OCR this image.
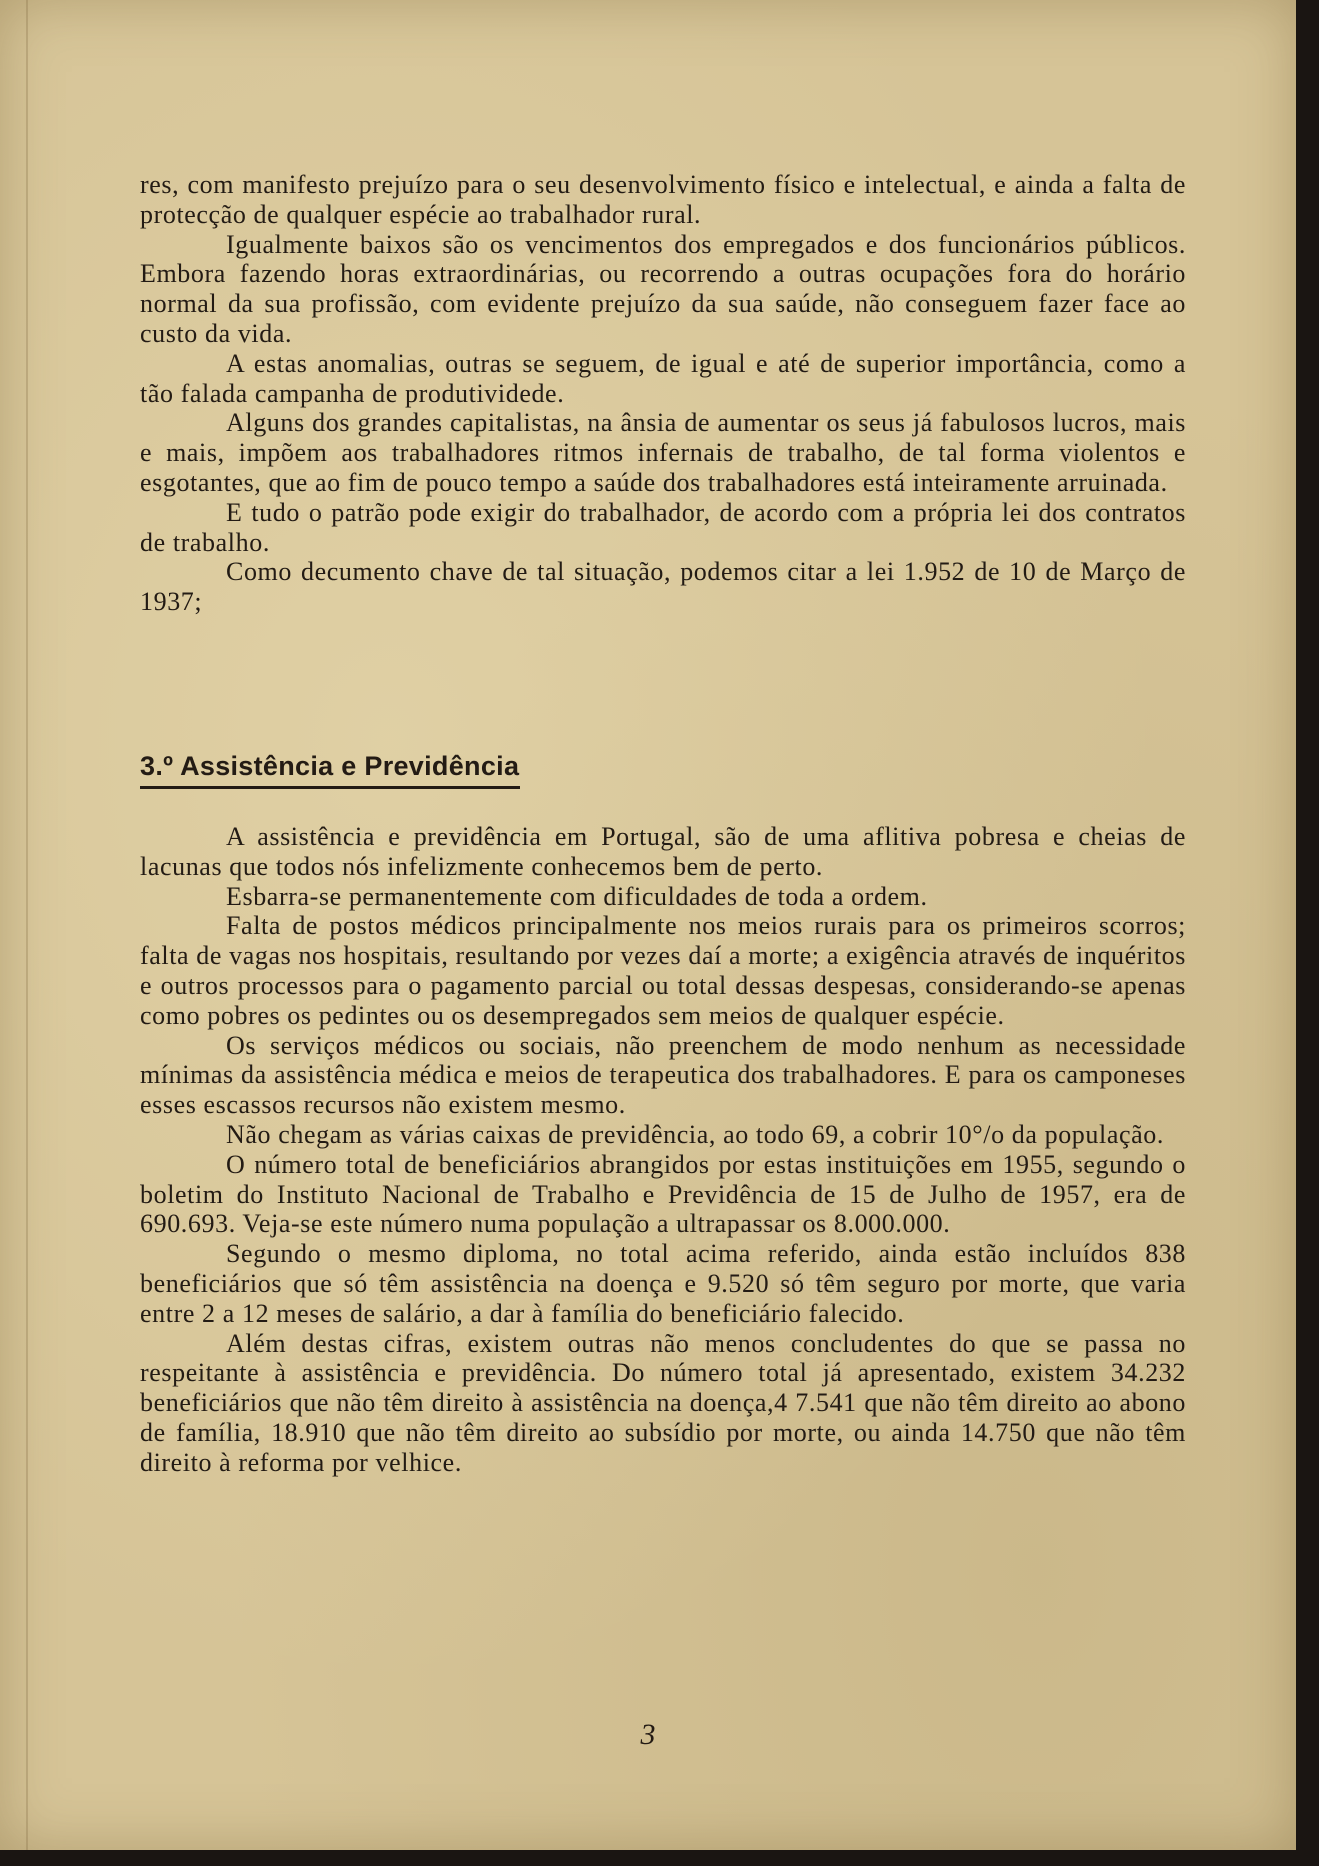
res, com manifesto prejuízo para o seu desenvolvimento físico e intelectual, e ainda a falta de protecção de qualquer espécie ao trabalhador rural.

Igualmente baixos são os vencimentos dos empregados e dos funcionários públicos. Embora fazendo horas extraordinárias, ou recorrendo a outras ocupações fora do horário normal da sua profissão, com evidente prejuízo da sua saúde, não conseguem fazer face ao custo da vida.

A estas anomalias, outras se seguem, de igual e até de superior importância, como a tão falada campanha de produtividede.

Alguns dos grandes capitalistas, na ânsia de aumentar os seus já fabulosos lucros, mais e mais, impõem aos trabalhadores ritmos infernais de trabalho, de tal forma violentos e esgotantes, que ao fim de pouco tempo a saúde dos trabalhadores está inteiramente arruinada.

E tudo o patrão pode exigir do trabalhador, de acordo com a própria lei dos contratos de trabalho.

Como decumento chave de tal situação, podemos citar a lei 1.952 de 10 de Março de 1937;

3.º Assistência e Previdência

A assistência e previdência em Portugal, são de uma aflitiva pobresa e cheias de lacunas que todos nós infelizmente conhecemos bem de perto.

Esbarra-se permanentemente com dificuldades de toda a ordem.

Falta de postos médicos principalmente nos meios rurais para os primeiros scorros; falta de vagas nos hospitais, resultando por vezes daí a morte; a exigência através de inquéritos e outros processos para o pagamento parcial ou total dessas despesas, considerando-se apenas como pobres os pedintes ou os desempregados sem meios de qualquer espécie.

Os serviços médicos ou sociais, não preenchem de modo nenhum as necessidade mínimas da assistência médica e meios de terapeutica dos trabalhadores. E para os camponeses esses escassos recursos não existem mesmo.

Não chegam as várias caixas de previdência, ao todo 69, a cobrir 10°/o da população.

O número total de beneficiários abrangidos por estas instituições em 1955, segundo o boletim do Instituto Nacional de Trabalho e Previdência de 15 de Julho de 1957, era de 690.693. Veja-se este número numa população a ultrapassar os 8.000.000.

Segundo o mesmo diploma, no total acima referido, ainda estão incluídos 838 beneficiários que só têm assistência na doença e 9.520 só têm seguro por morte, que varia entre 2 a 12 meses de salário, a dar à família do beneficiário falecido.

Além destas cifras, existem outras não menos concludentes do que se passa no respeitante à assistência e previdência. Do número total já apresentado, existem 34.232 beneficiários que não têm direito à assistência na doença,4 7.541 que não têm direito ao abono de família, 18.910 que não têm direito ao subsídio por morte, ou ainda 14.750 que não têm direito à reforma por velhice.

3
